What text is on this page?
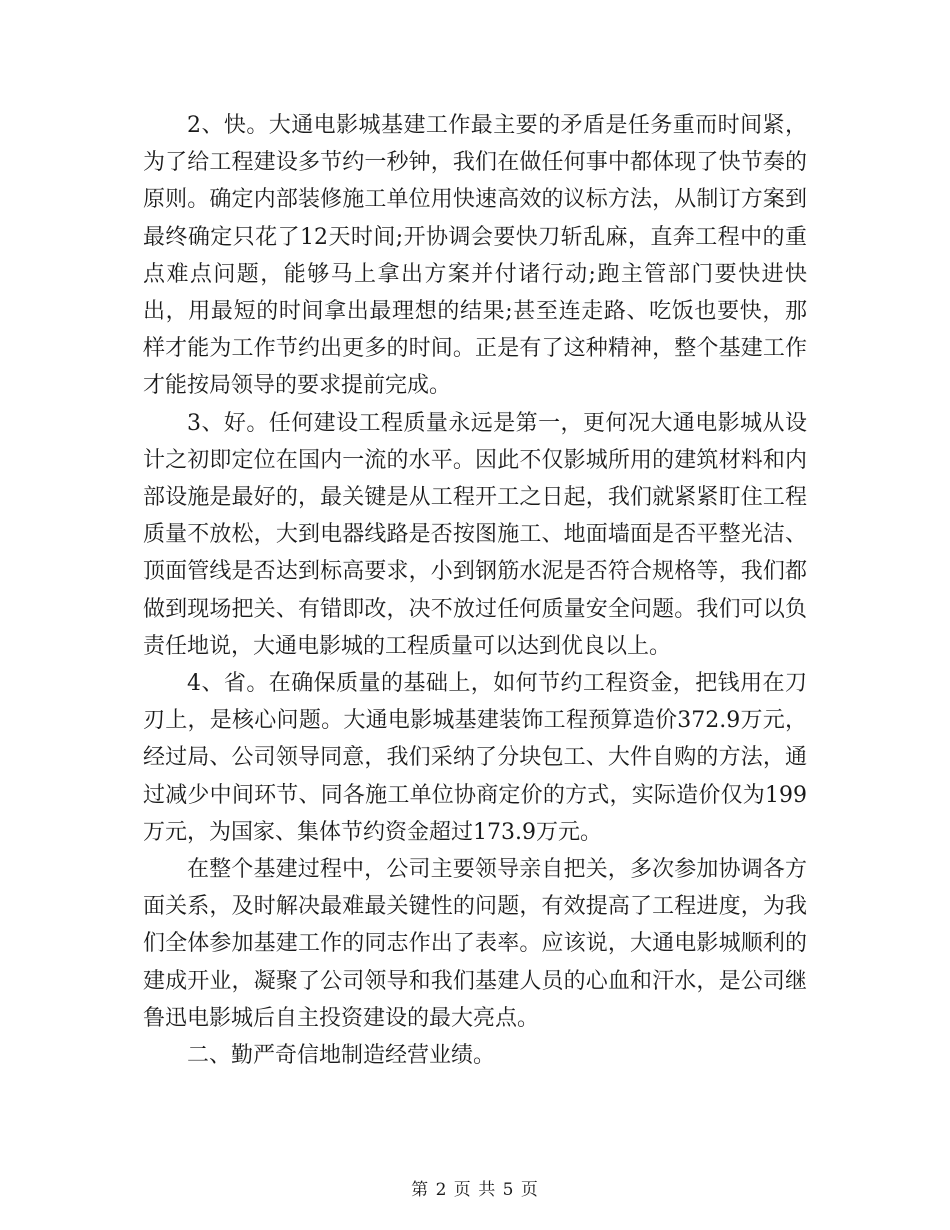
2、快。大通电影城基建工作最主要的矛盾是任务重而时间紧，为了给工程建设多节约一秒钟，我们在做任何事中都体现了快节奏的原则。确定内部装修施工单位用快速高效的议标方法，从制订方案到最终确定只花了12天时间;开协调会要快刀斩乱麻，直奔工程中的重点难点问题，能够马上拿出方案并付诸行动;跑主管部门要快进快出，用最短的时间拿出最理想的结果;甚至连走路、吃饭也要快，那样才能为工作节约出更多的时间。正是有了这种精神，整个基建工作才能按局领导的要求提前完成。

3、好。任何建设工程质量永远是第一，更何况大通电影城从设计之初即定位在国内一流的水平。因此不仅影城所用的建筑材料和内部设施是最好的，最关键是从工程开工之日起，我们就紧紧盯住工程质量不放松，大到电器线路是否按图施工、地面墙面是否平整光洁、顶面管线是否达到标高要求，小到钢筋水泥是否符合规格等，我们都做到现场把关、有错即改，决不放过任何质量安全问题。我们可以负责任地说，大通电影城的工程质量可以达到优良以上。

4、省。在确保质量的基础上，如何节约工程资金，把钱用在刀刃上，是核心问题。大通电影城基建装饰工程预算造价372.9万元，经过局、公司领导同意，我们采纳了分块包工、大件自购的方法，通过减少中间环节、同各施工单位协商定价的方式，实际造价仅为199万元，为国家、集体节约资金超过173.9万元。

在整个基建过程中，公司主要领导亲自把关，多次参加协调各方面关系，及时解决最难最关键性的问题，有效提高了工程进度，为我们全体参加基建工作的同志作出了表率。应该说，大通电影城顺利的建成开业，凝聚了公司领导和我们基建人员的心血和汗水，是公司继鲁迅电影城后自主投资建设的最大亮点。

二、勤严奇信地制造经营业绩。

第 2 页 共 5 页
